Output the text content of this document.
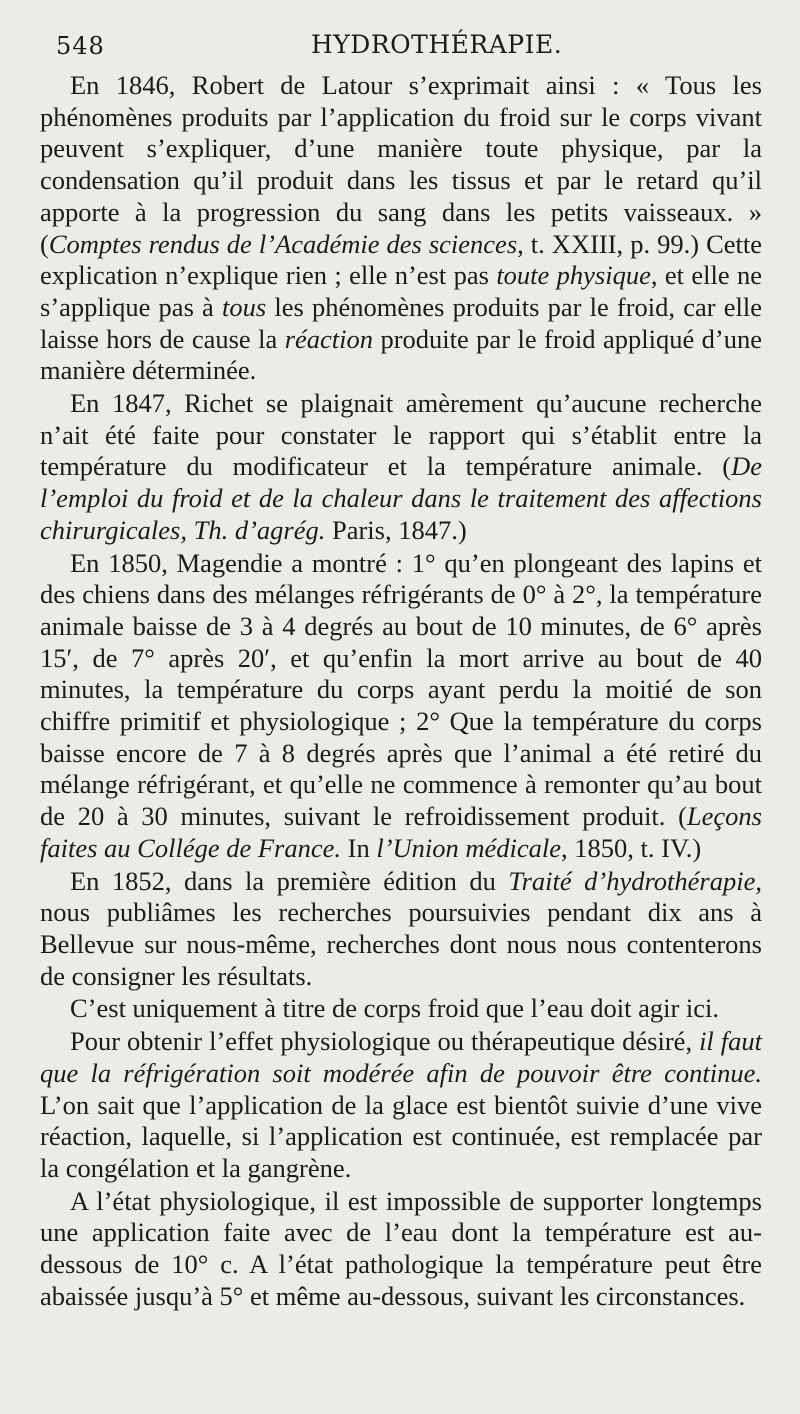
548	HYDROTHÉRAPIE.

En 1846, Robert de Latour s’exprimait ainsi : « Tous les phénomènes produits par l’application du froid sur le corps vivant peuvent s’expliquer, d’une manière toute physique, par la condensation qu’il produit dans les tissus et par le retard qu’il apporte à la progression du sang dans les petits vaisseaux. » (Comptes rendus de l’Académie des sciences, t. XXIII, p. 99.) Cette explication n’explique rien ; elle n’est pas toute physique, et elle ne s’applique pas à tous les phénomènes produits par le froid, car elle laisse hors de cause la réaction produite par le froid appliqué d’une manière déterminée.

En 1847, Richet se plaignait amèrement qu’aucune recherche n’ait été faite pour constater le rapport qui s’établit entre la température du modificateur et la température animale. (De l’emploi du froid et de la chaleur dans le traitement des affections chirurgicales, Th. d’agrég. Paris, 1847.)

En 1850, Magendie a montré : 1° qu’en plongeant des lapins et des chiens dans des mélanges réfrigérants de 0° à 2°, la température animale baisse de 3 à 4 degrés au bout de 10 minutes, de 6° après 15′, de 7° après 20′, et qu’enfin la mort arrive au bout de 40 minutes, la température du corps ayant perdu la moitié de son chiffre primitif et physiologique ; 2° Que la température du corps baisse encore de 7 à 8 degrés après que l’animal a été retiré du mélange réfrigérant, et qu’elle ne commence à remonter qu’au bout de 20 à 30 minutes, suivant le refroidissement produit. (Leçons faites au Collége de France. In l’Union médicale, 1850, t. IV.)

En 1852, dans la première édition du Traité d’hydrothérapie, nous publiâmes les recherches poursuivies pendant dix ans à Bellevue sur nous-même, recherches dont nous nous contenterons de consigner les résultats.

C’est uniquement à titre de corps froid que l’eau doit agir ici.

Pour obtenir l’effet physiologique ou thérapeutique désiré, il faut que la réfrigération soit modérée afin de pouvoir être continue. L’on sait que l’application de la glace est bientôt suivie d’une vive réaction, laquelle, si l’application est continuée, est remplacée par la congélation et la gangrène.

A l’état physiologique, il est impossible de supporter longtemps une application faite avec de l’eau dont la température est au-dessous de 10° c. A l’état pathologique la température peut être abaissée jusqu’à 5° et même au-dessous, suivant les circonstances.
